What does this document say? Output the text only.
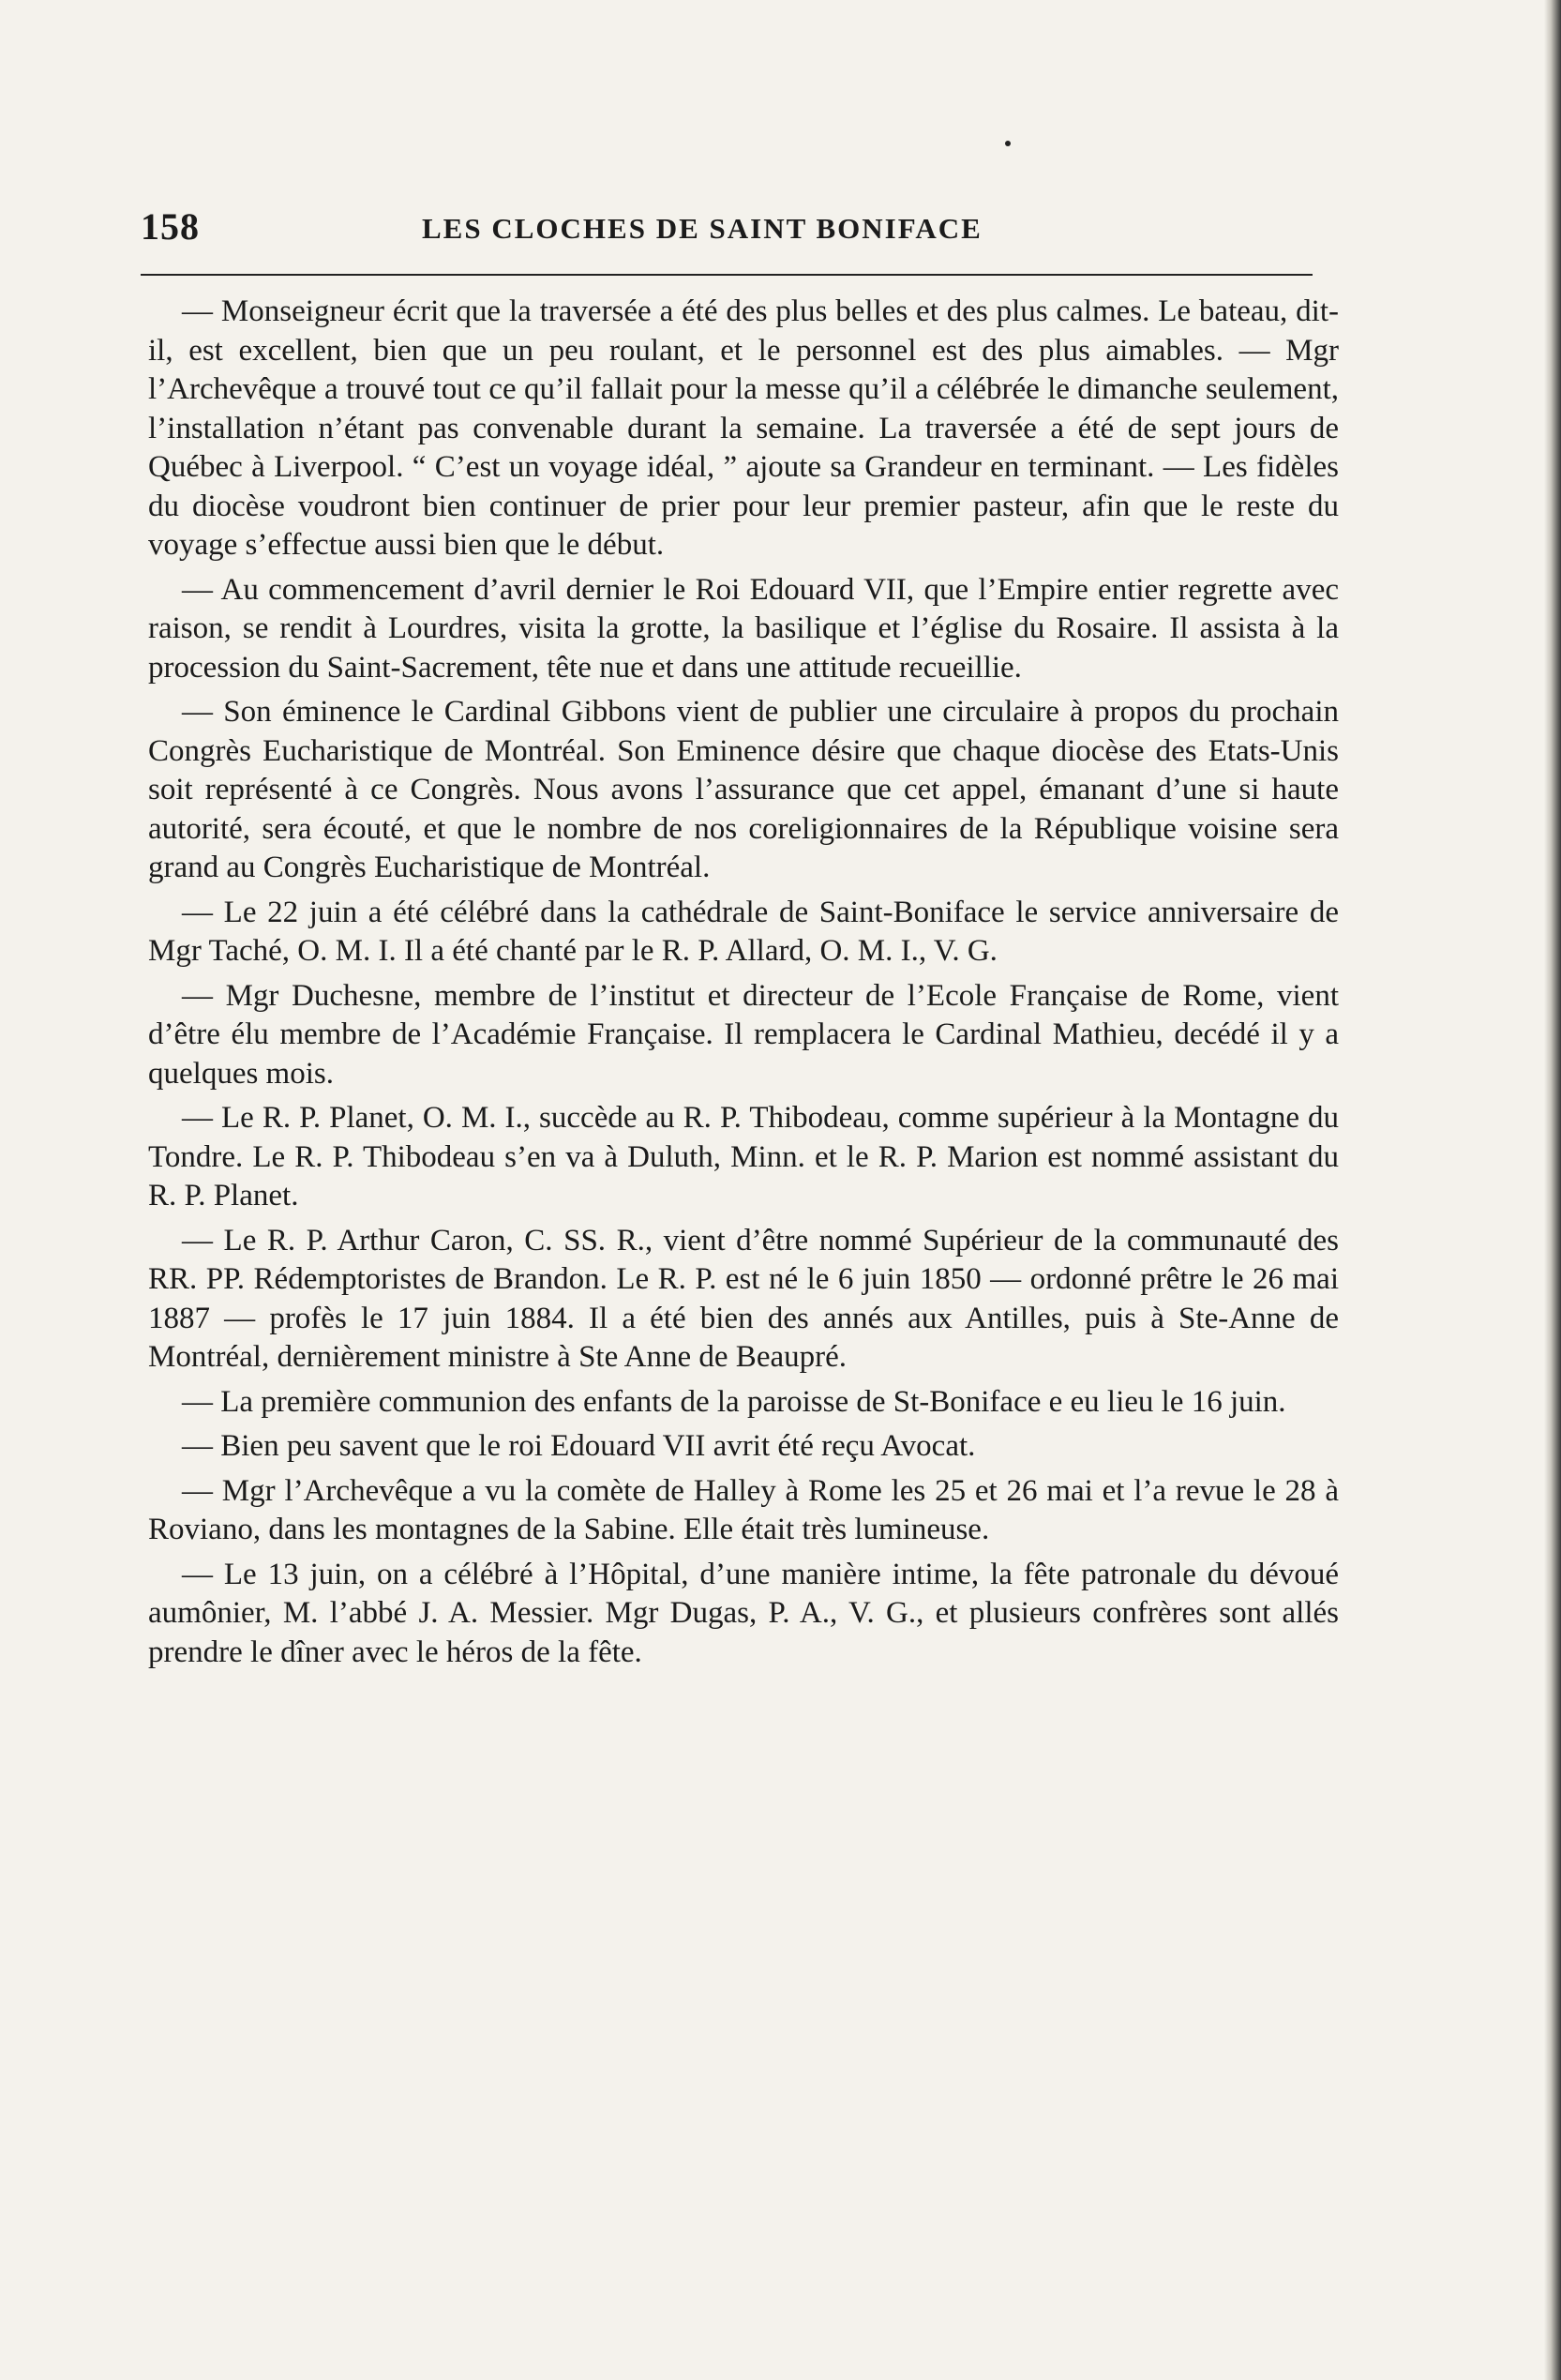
158	LES CLOCHES DE SAINT BONIFACE

— Monseigneur écrit que la traversée a été des plus belles et des plus calmes. Le bateau, dit-il, est excellent, bien que un peu roulant, et le personnel est des plus aimables. — Mgr l’Archevêque a trouvé tout ce qu’il fallait pour la messe qu’il a célébrée le dimanche seulement, l’installation n’étant pas convenable durant la semaine. La traversée a été de sept jours de Québec à Liverpool. “ C’est un voyage idéal, ” ajoute sa Grandeur en terminant. — Les fidèles du diocèse voudront bien continuer de prier pour leur premier pasteur, afin que le reste du voyage s’effectue aussi bien que le début.

— Au commencement d’avril dernier le Roi Edouard VII, que l’Empire entier regrette avec raison, se rendit à Lourdres, visita la grotte, la basilique et l’église du Rosaire. Il assista à la procession du Saint-Sacrement, tête nue et dans une attitude recueillie.

— Son éminence le Cardinal Gibbons vient de publier une circulaire à propos du prochain Congrès Eucharistique de Montréal. Son Eminence désire que chaque diocèse des Etats-Unis soit représenté à ce Congrès. Nous avons l’assurance que cet appel, émanant d’une si haute autorité, sera écouté, et que le nombre de nos coreligionnaires de la République voisine sera grand au Congrès Eucharistique de Montréal.

— Le 22 juin a été célébré dans la cathédrale de Saint-Boniface le service anniversaire de Mgr Taché, O. M. I. Il a été chanté par le R. P. Allard, O. M. I., V. G.

— Mgr Duchesne, membre de l’institut et directeur de l’Ecole Française de Rome, vient d’être élu membre de l’Académie Française. Il remplacera le Cardinal Mathieu, decédé il y a quelques mois.

— Le R. P. Planet, O. M. I., succède au R. P. Thibodeau, comme supérieur à la Montagne du Tondre. Le R. P. Thibodeau s’en va à Duluth, Minn. et le R. P. Marion est nommé assistant du R. P. Planet.

— Le R. P. Arthur Caron, C. SS. R., vient d’être nommé Supérieur de la communauté des RR. PP. Rédemptoristes de Brandon. Le R. P. est né le 6 juin 1850 — ordonné prêtre le 26 mai 1887 — profès le 17 juin 1884. Il a été bien des annés aux Antilles, puis à Ste-Anne de Montréal, dernièrement ministre à Ste Anne de Beaupré.

— La première communion des enfants de la paroisse de St-Boniface e eu lieu le 16 juin.

— Bien peu savent que le roi Edouard VII avrit été reçu Avocat.

— Mgr l’Archevêque a vu la comète de Halley à Rome les 25 et 26 mai et l’a revue le 28 à Roviano, dans les montagnes de la Sabine. Elle était très lumineuse.

— Le 13 juin, on a célébré à l’Hôpital, d’une manière intime, la fête patronale du dévoué aumônier, M. l’abbé J. A. Messier. Mgr Dugas, P. A., V. G., et plusieurs confrères sont allés prendre le dîner avec le héros de la fête.
